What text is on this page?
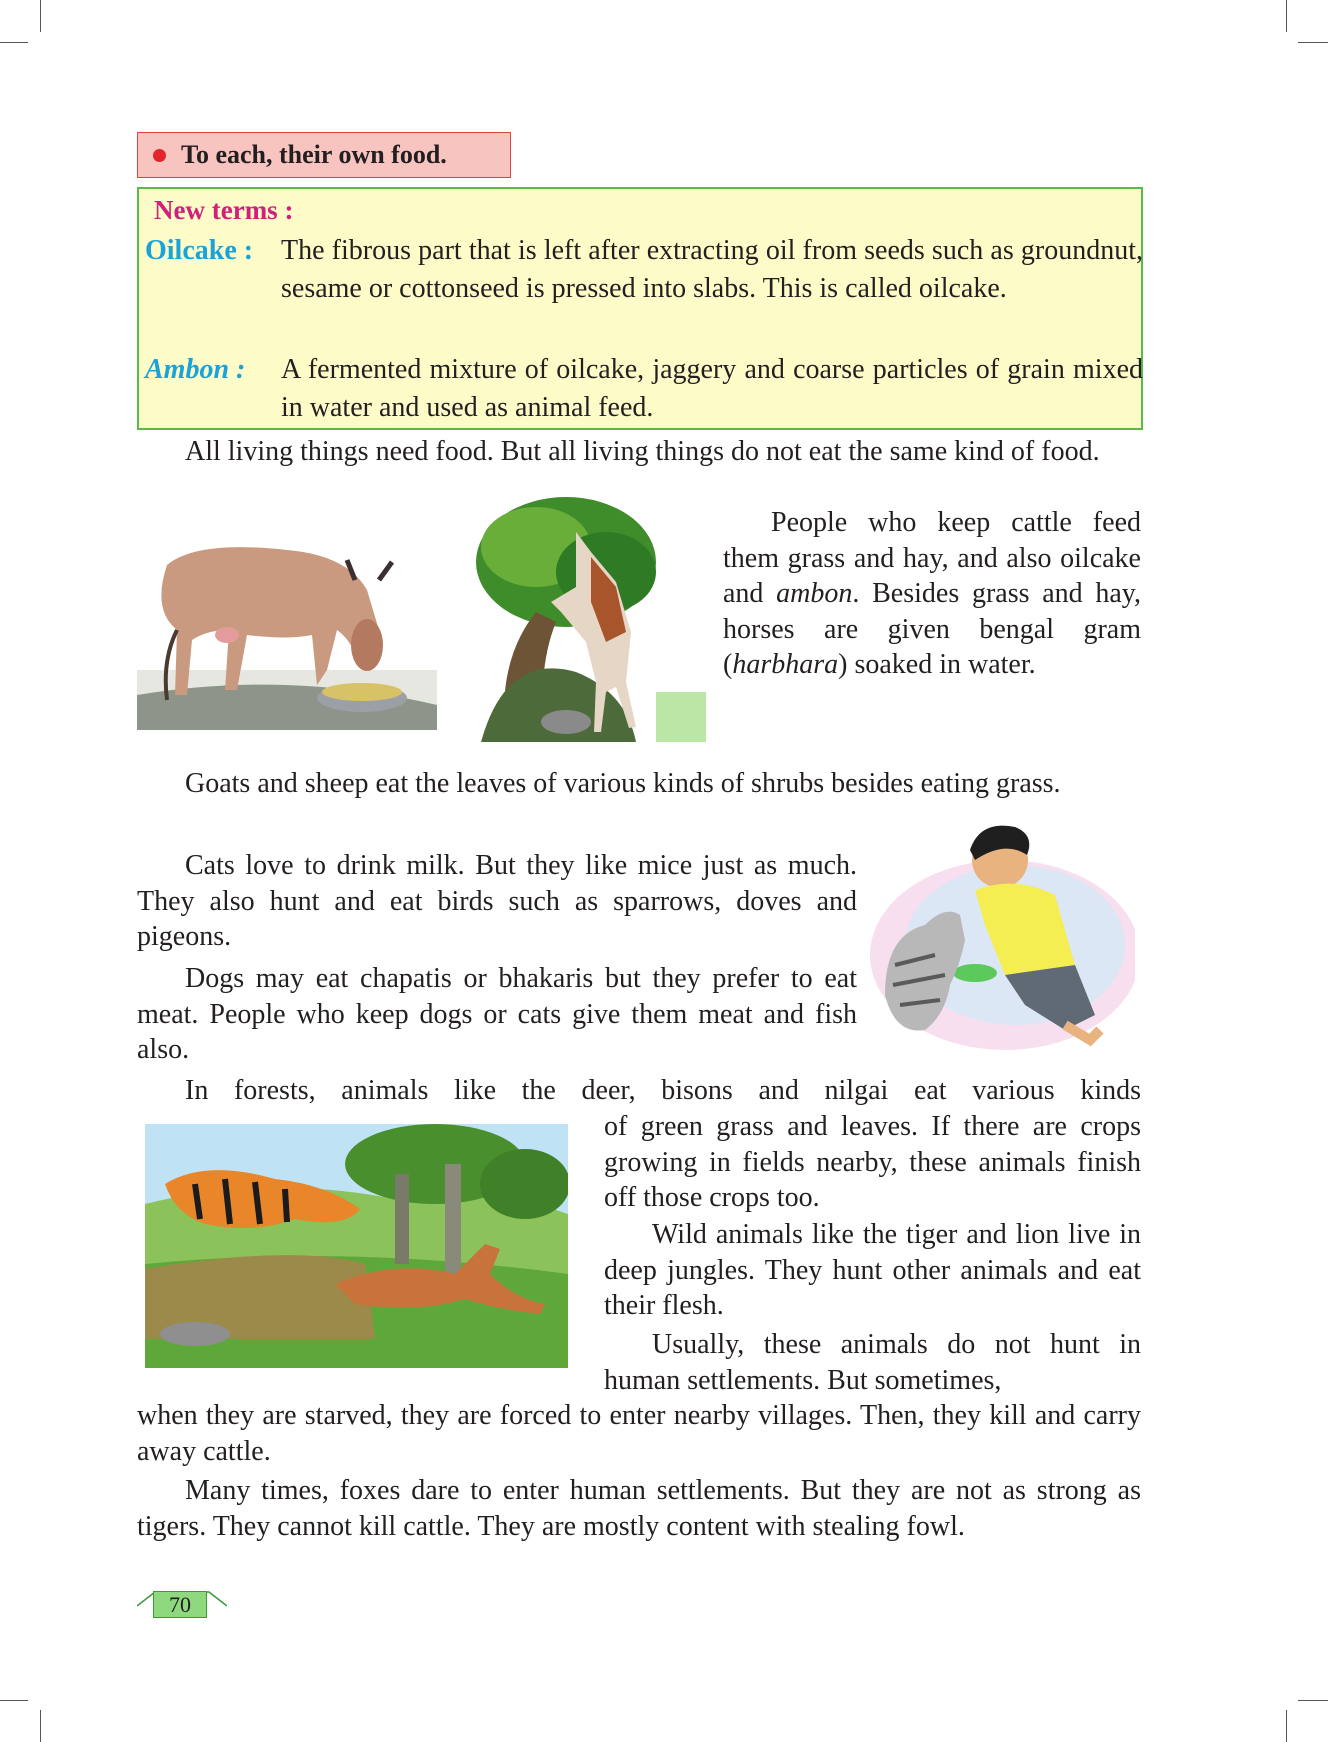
To each, their own food.
New terms :
Oilcake : The fibrous part that is left after extracting oil from seeds such as groundnut, sesame or cottonseed is pressed into slabs. This is called oilcake.
Ambon : A fermented mixture of oilcake, jaggery and coarse particles of grain mixed in water and used as animal feed.

All living things need food. But all living things do not eat the same kind of food.

People who keep cattle feed them grass and hay, and also oilcake and ambon. Besides grass and hay, horses are given bengal gram (harbhara) soaked in water.

Goats and sheep eat the leaves of various kinds of shrubs besides eating grass.

Cats love to drink milk. But they like mice just as much. They also hunt and eat birds such as sparrows, doves and pigeons.

Dogs may eat chapatis or bhakaris but they prefer to eat meat. People who keep dogs or cats give them meat and fish also.

In forests, animals like the deer, bisons and nilgai eat various kinds

of green grass and leaves. If there are crops growing in fields nearby, these animals finish off those crops too.

Wild animals like the tiger and lion live in deep jungles. They hunt other animals and eat their flesh.

Usually, these animals do not hunt in human settlements. But sometimes,

when they are starved, they are forced to enter nearby villages. Then, they kill and carry away cattle.

Many times, foxes dare to enter human settlements. But they are not as strong as tigers. They cannot kill cattle. They are mostly content with stealing fowl.

70
